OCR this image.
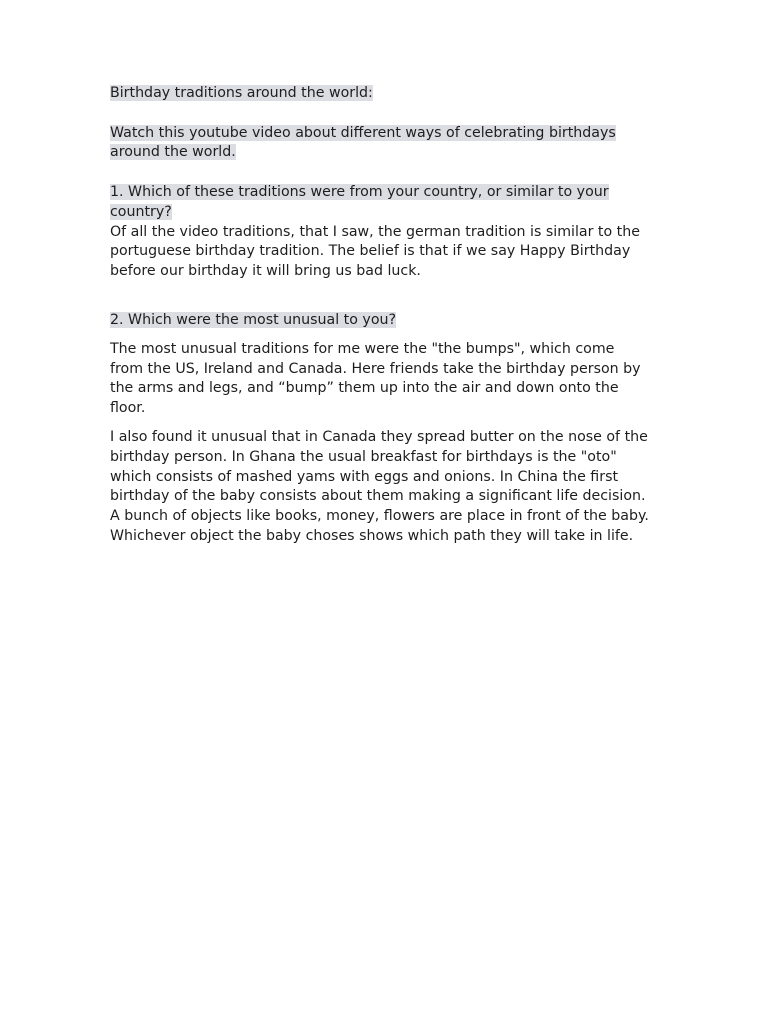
Birthday traditions around the world:

Watch this youtube video about different ways of celebrating birthdays around the world.

1. Which of these traditions were from your country, or similar to your country?

Of all the video traditions, that I saw, the german tradition is similar to the portuguese birthday tradition. The belief is that if we say Happy Birthday before our birthday it will bring us bad luck.

2. Which were the most unusual to you?

The most unusual traditions for me were the "the bumps", which come from the US, Ireland and Canada. Here friends take the birthday person by the arms and legs, and “bump” them up into the air and down onto the floor.

I also found it unusual that in Canada they spread butter on the nose of the birthday person. In Ghana the usual breakfast for birthdays is the "oto" which consists of mashed yams with eggs and onions. In China the first birthday of the baby consists about them making a significant life decision. A bunch of objects like books, money, flowers are place in front of the baby. Whichever object the baby choses shows which path they will take in life.
